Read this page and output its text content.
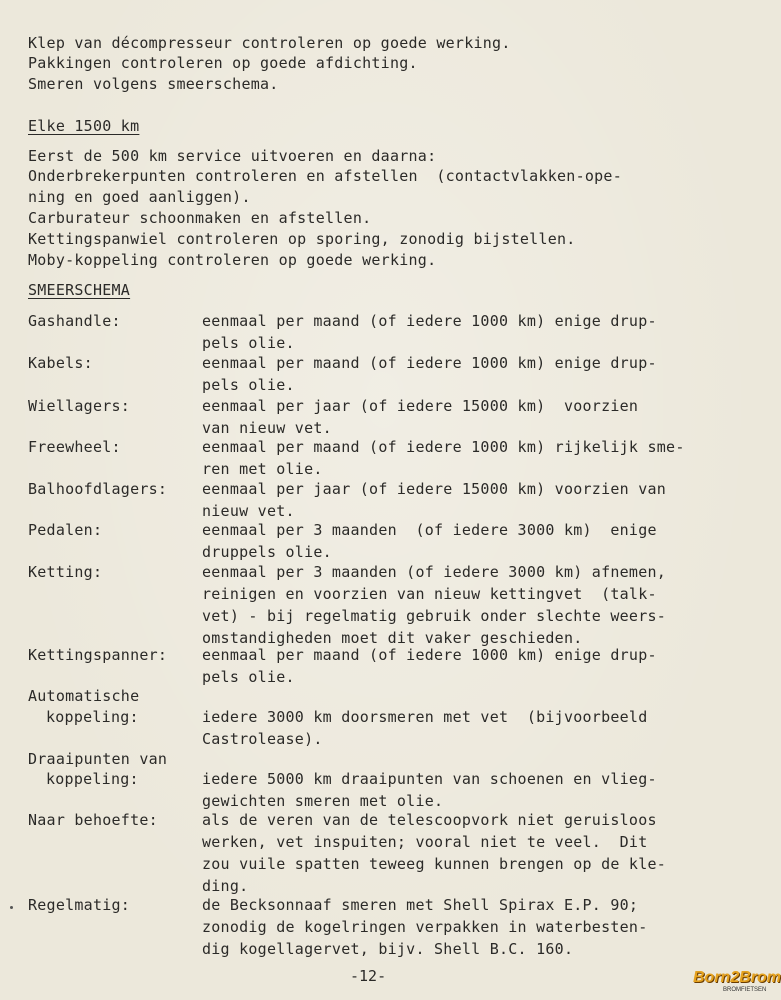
Klep van décompresseur controleren op goede werking.
Pakkingen controleren op goede afdichting.
Smeren volgens smeerschema.
Elke 1500 km
Eerst de 500 km service uitvoeren en daarna:
Onderbrekerpunten controleren en afstellen  (contactvlakken-ope-
ning en goed aanliggen).
Carburateur schoonmaken en afstellen.
Kettingspanwiel controleren op sporing, zonodig bijstellen.
Moby-koppeling controleren op goede werking.
SMEERSCHEMA
Gashandle:	eenmaal per maand (of iedere 1000 km) enige drup-
pels olie.
Kabels:	eenmaal per maand (of iedere 1000 km) enige drup-
pels olie.
Wiellagers:	eenmaal per jaar (of iedere 15000 km)  voorzien
van nieuw vet.
Freewheel:	eenmaal per maand (of iedere 1000 km) rijkelijk sme-
ren met olie.
Balhoofdlagers: eenmaal per jaar (of iedere 15000 km) voorzien van
nieuw vet.
Pedalen:	eenmaal per 3 maanden  (of iedere 3000 km)  enige
druppels olie.
Ketting:	eenmaal per 3 maanden (of iedere 3000 km) afnemen,
reinigen en voorzien van nieuw kettingvet  (talk-
vet) - bij regelmatig gebruik onder slechte weers-
omstandigheden moet dit vaker geschieden.
Kettingspanner: eenmaal per maand (of iedere 1000 km) enige drup-
pels olie.
Automatische
koppeling:	iedere 3000 km doorsmeren met vet  (bijvoorbeeld
Castrolease).
Draaipunten van
koppeling:	iedere 5000 km draaipunten van schoenen en vlieg-
gewichten smeren met olie.
Naar behoefte:	als de veren van de telescoopvork niet geruisloos
werken, vet inspuiten; vooral niet te veel.  Dit
zou vuile spatten teweeg kunnen brengen op de kle-
ding.
Regelmatig:	de Becksonnaaf smeren met Shell Spirax E.P. 90;
zonodig de kogelringen verpakken in waterbesten-
dig kogellagervet, bijv. Shell B.C. 160.
-12-	Born2Brom
BROMFIETSEN
